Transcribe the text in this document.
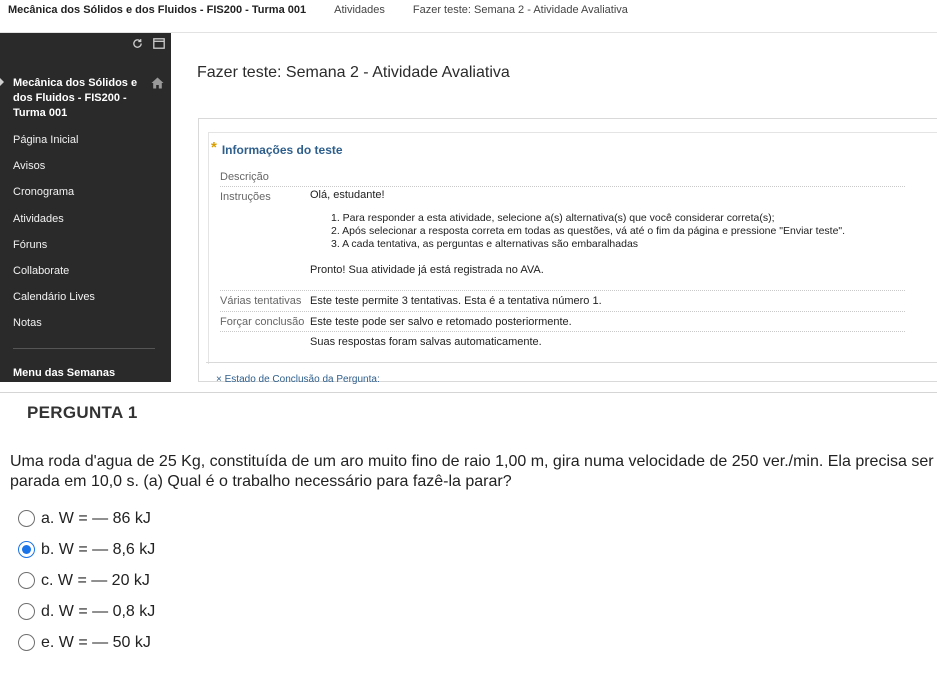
Mecânica dos Sólidos e dos Fluidos - FIS200 - Turma 001	Atividades	Fazer teste: Semana 2 - Atividade Avaliativa
Mecânica dos Sólidos e dos Fluidos - FIS200 - Turma 001
Página Inicial
Avisos
Cronograma
Atividades
Fóruns
Collaborate
Calendário Lives
Notas
Menu das Semanas
Fazer teste: Semana 2 - Atividade Avaliativa
* Informações do teste
Descrição
Instruções	Olá, estudante!
1. Para responder a esta atividade, selecione a(s) alternativa(s) que você considerar correta(s);
2. Após selecionar a resposta correta em todas as questões, vá até o fim da página e pressione "Enviar teste".
3. A cada tentativa, as perguntas e alternativas são embaralhadas
Pronto! Sua atividade já está registrada no AVA.
Várias tentativas Este teste permite 3 tentativas. Esta é a tentativa número 1.
Forçar conclusão Este teste pode ser salvo e retomado posteriormente.
Suas respostas foram salvas automaticamente.
× Estado de Conclusão da Pergunta:
PERGUNTA 1

Uma roda d'agua de 25 Kg, constituída de um aro muito fino de raio 1,00 m, gira numa velocidade de 250 ver./min. Ela precisa ser parada em 10,0 s. (a) Qual é o trabalho necessário para fazê-la parar?

a. W = — 86 kJ
b. W = — 8,6 kJ
c. W = — 20 kJ
d. W = — 0,8 kJ
e. W = — 50 kJ
